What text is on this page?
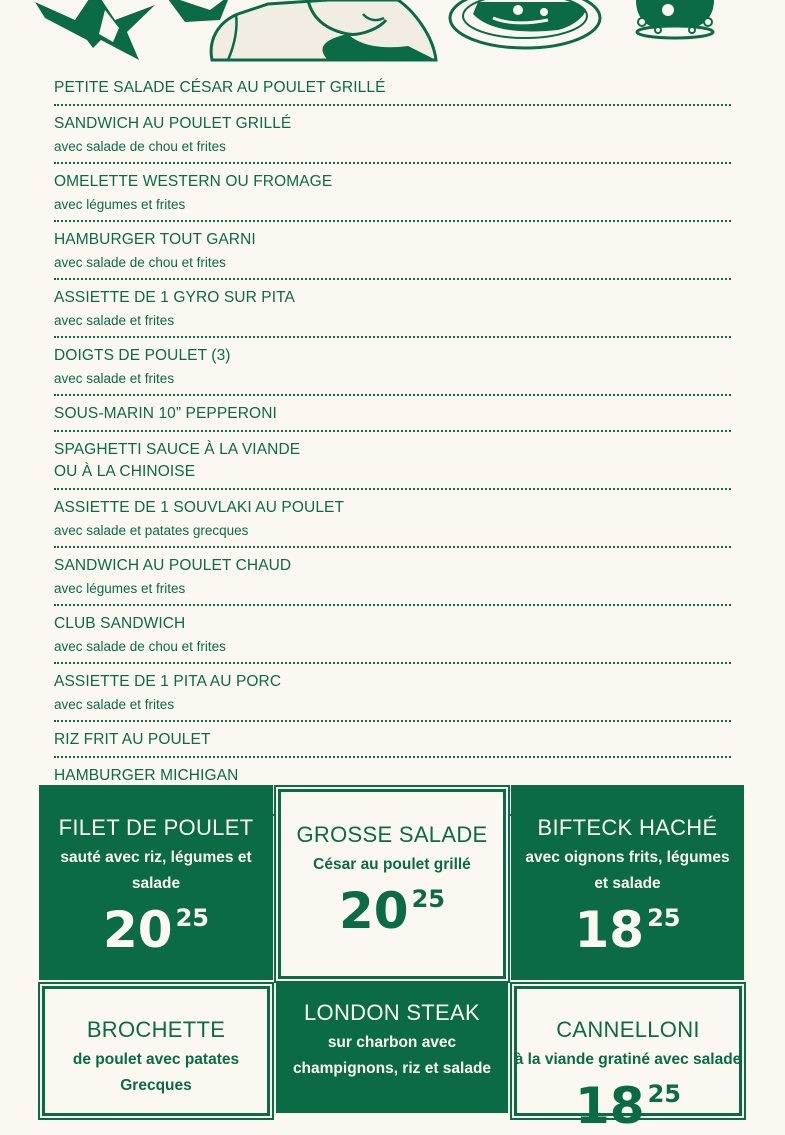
PETITE SALADE CÉSAR AU POULET GRILLÉ
SANDWICH AU POULET GRILLÉ
avec salade de chou et frites
OMELETTE WESTERN OU FROMAGE
avec légumes et frites
HAMBURGER TOUT GARNI
avec salade de chou et frites
ASSIETTE DE 1 GYRO SUR PITA
avec salade et frites
DOIGTS DE POULET (3)
avec salade et frites
SOUS-MARIN 10” PEPPERONI
SPAGHETTI SAUCE À LA VIANDE
OU À LA CHINOISE
ASSIETTE DE 1 SOUVLAKI AU POULET
avec salade et patates grecques
SANDWICH AU POULET CHAUD
avec légumes et frites
CLUB SANDWICH
avec salade de chou et frites
ASSIETTE DE 1 PITA AU PORC
avec salade et frites
RIZ FRIT AU POULET
HAMBURGER MICHIGAN
FILET DE POULET
sauté avec riz, légumes et salade
20 25
GROSSE SALADE
César au poulet grillé
20 25
BIFTECK HACHÉ
avec oignons frits, légumes et salade
18 25
BROCHETTE
de poulet avec patates Grecques
LONDON STEAK
sur charbon avec champignons, riz et salade
CANNELLONI
à la viande gratiné avec salade
18 25
